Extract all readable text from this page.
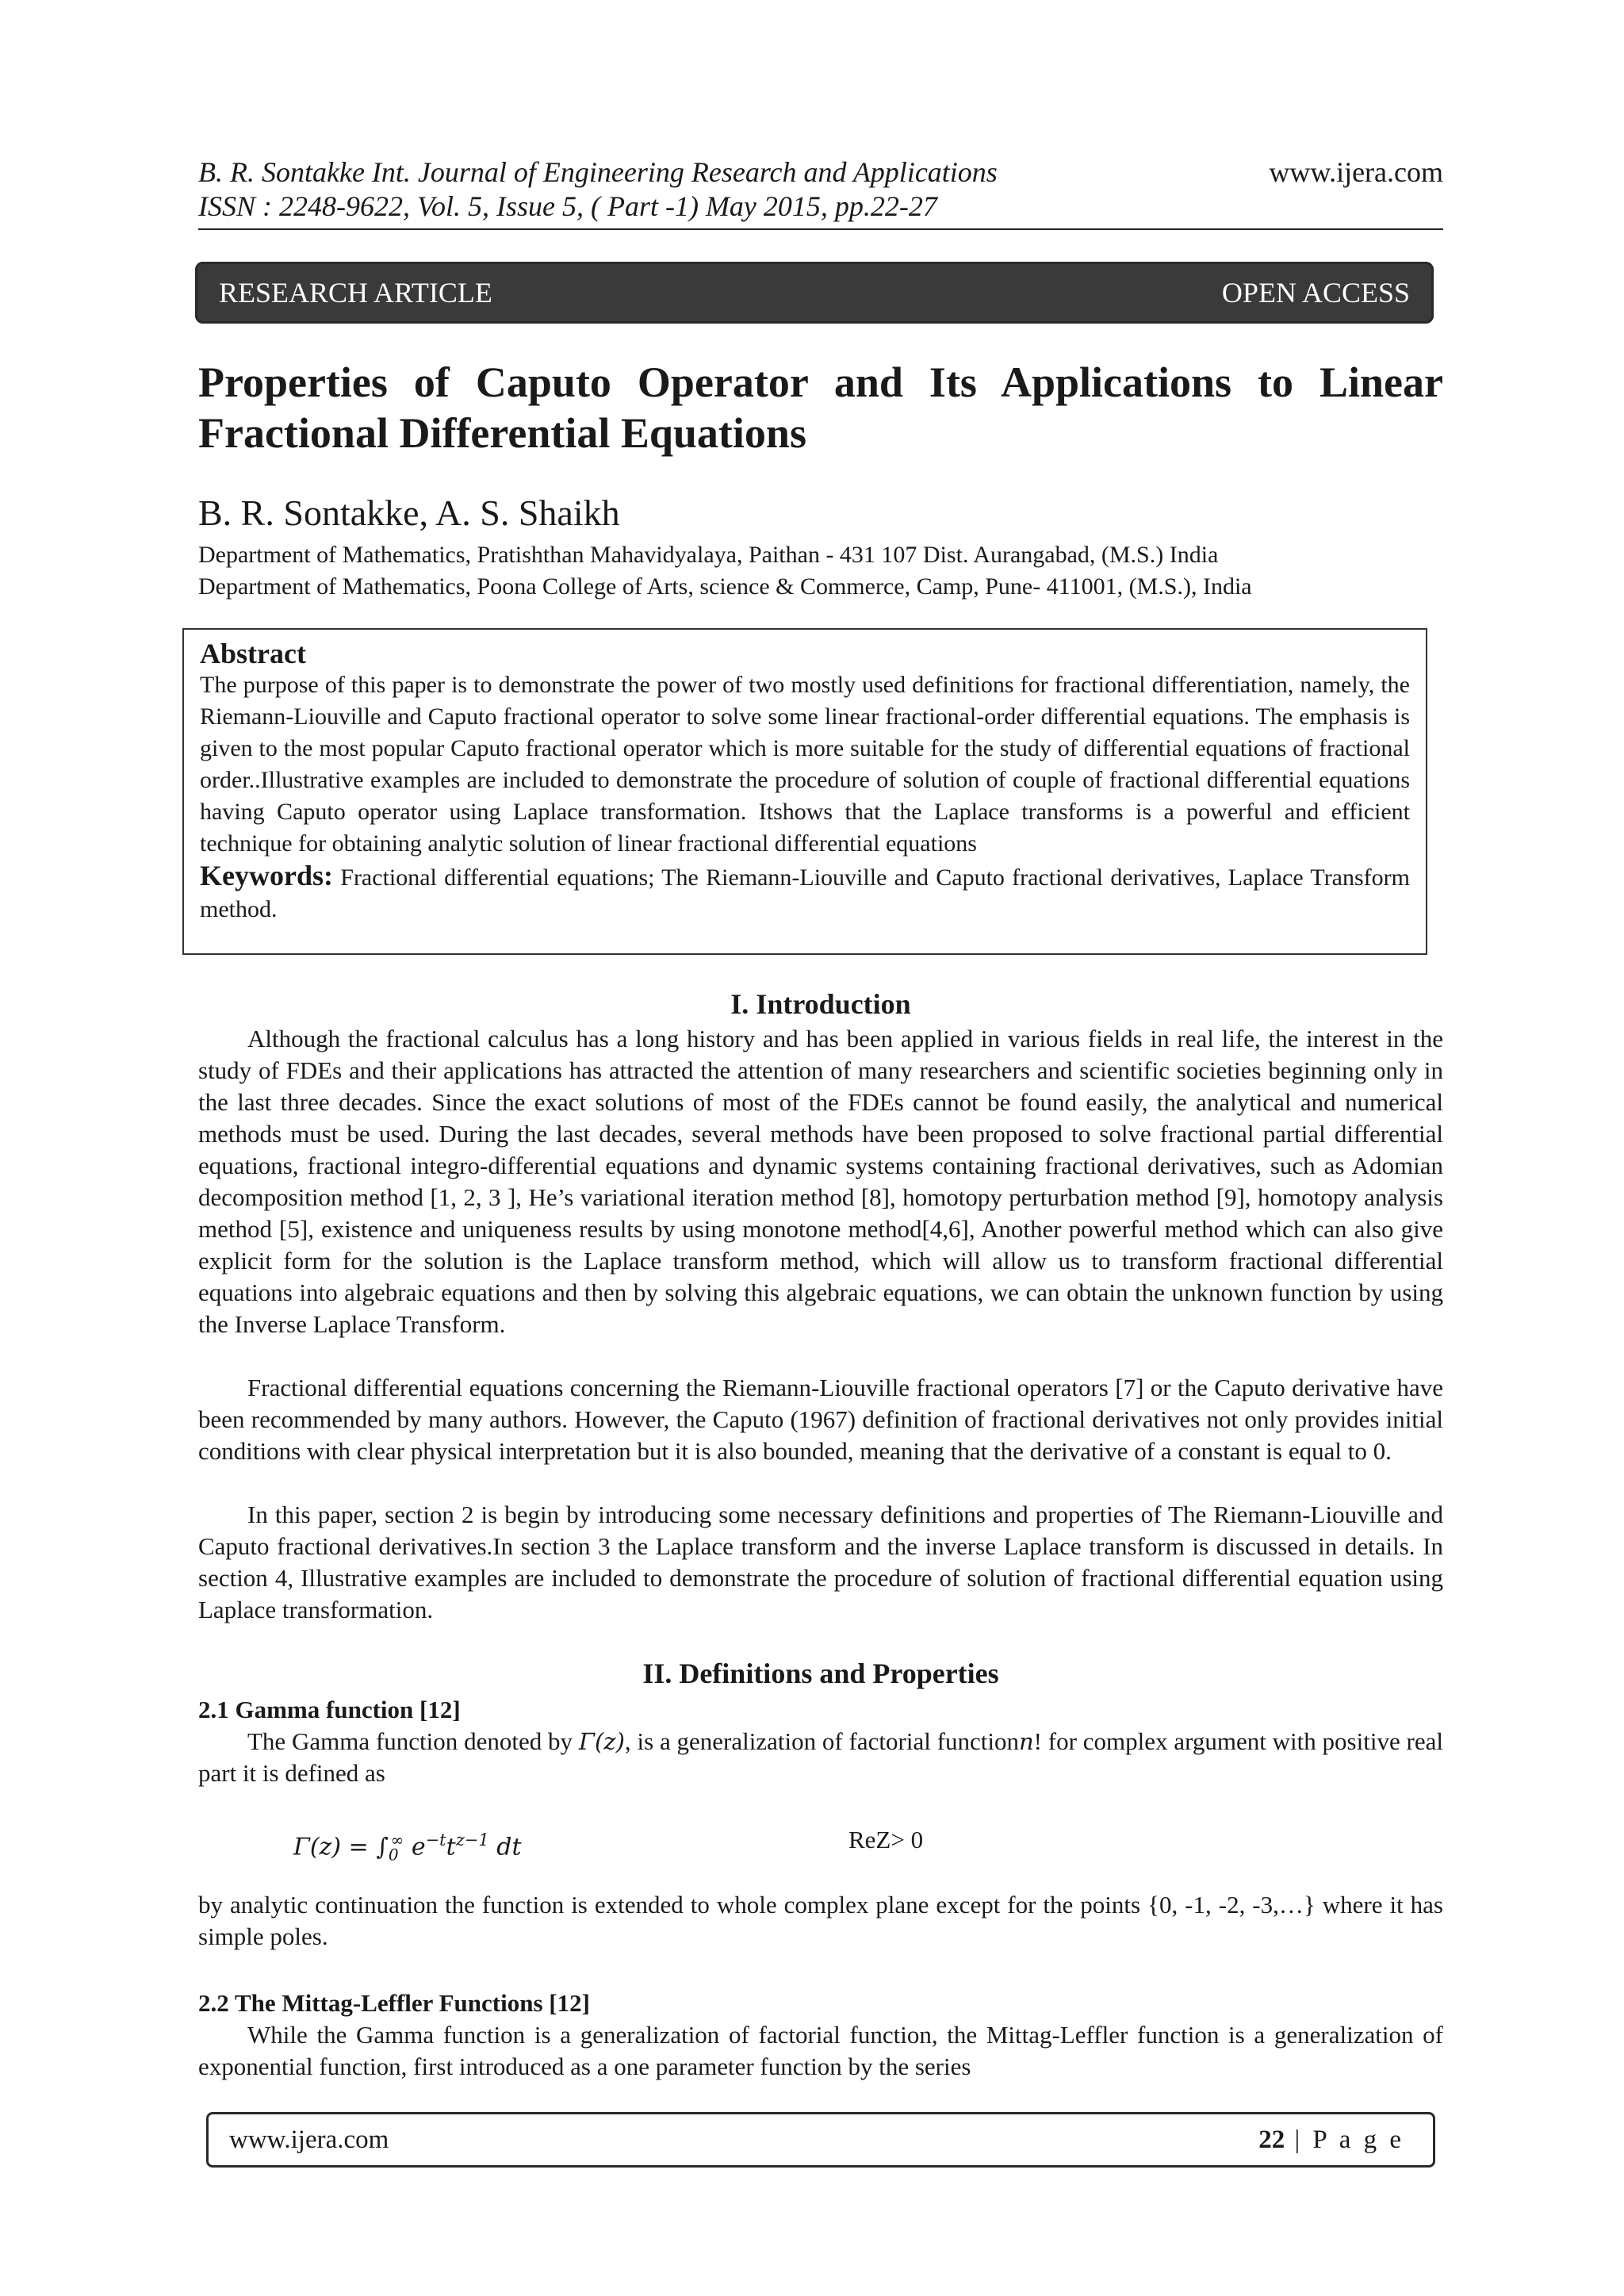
B. R. Sontakke Int. Journal of Engineering Research and Applications	www.ijera.com
ISSN : 2248-9622, Vol. 5, Issue 5, ( Part -1) May 2015, pp.22-27
RESEARCH ARTICLE	OPEN ACCESS
Properties of Caputo Operator and Its Applications to Linear Fractional Differential Equations
B. R. Sontakke, A. S. Shaikh
Department of Mathematics, Pratishthan Mahavidyalaya, Paithan - 431 107 Dist. Aurangabad, (M.S.) India
Department of Mathematics, Poona College of Arts, science & Commerce, Camp, Pune- 411001, (M.S.), India
Abstract

The purpose of this paper is to demonstrate the power of two mostly used definitions for fractional differentiation, namely, the Riemann-Liouville and Caputo fractional operator to solve some linear fractional-order differential equations. The emphasis is given to the most popular Caputo fractional operator which is more suitable for the study of differential equations of fractional order..Illustrative examples are included to demonstrate the procedure of solution of couple of fractional differential equations having Caputo operator using Laplace transformation. Itshows that the Laplace transforms is a powerful and efficient technique for obtaining analytic solution of linear fractional differential equations

Keywords: Fractional differential equations; The Riemann-Liouville and Caputo fractional derivatives, Laplace Transform method.

I. Introduction

Although the fractional calculus has a long history and has been applied in various fields in real life, the interest in the study of FDEs and their applications has attracted the attention of many researchers and scientific societies beginning only in the last three decades. Since the exact solutions of most of the FDEs cannot be found easily, the analytical and numerical methods must be used. During the last decades, several methods have been proposed to solve fractional partial differential equations, fractional integro-differential equations and dynamic systems containing fractional derivatives, such as Adomian decomposition method [1, 2, 3 ], He’s variational iteration method [8], homotopy perturbation method [9], homotopy analysis method [5], existence and uniqueness results by using monotone method[4,6], Another powerful method which can also give explicit form for the solution is the Laplace transform method, which will allow us to transform fractional differential equations into algebraic equations and then by solving this algebraic equations, we can obtain the unknown function by using the Inverse Laplace Transform.

Fractional differential equations concerning the Riemann-Liouville fractional operators [7] or the Caputo derivative have been recommended by many authors. However, the Caputo (1967) definition of fractional derivatives not only provides initial conditions with clear physical interpretation but it is also bounded, meaning that the derivative of a constant is equal to 0.

In this paper, section 2 is begin by introducing some necessary definitions and properties of The Riemann-Liouville and Caputo fractional derivatives.In section 3 the Laplace transform and the inverse Laplace transform is discussed in details. In section 4, Illustrative examples are included to demonstrate the procedure of solution of fractional differential equation using Laplace transformation.

II. Definitions and Properties
2.1 Gamma function [12]

The Gamma function denoted by Γ(z), is a generalization of factorial functionn! for complex argument with positive real part it is defined as

$\Gamma(z) = \int_0^\infty$ $e^{-t}t^{z-1}$ dt	ReZ> 0

by analytic continuation the function is extended to whole complex plane except for the points {0, -1, -2, -3,…} where it has simple poles.

2.2 The Mittag-Leffler Functions [12]

While the Gamma function is a generalization of factorial function, the Mittag-Leffler function is a generalization of exponential function, first introduced as a one parameter function by the series

www.ijera.com	22 | P a g e
